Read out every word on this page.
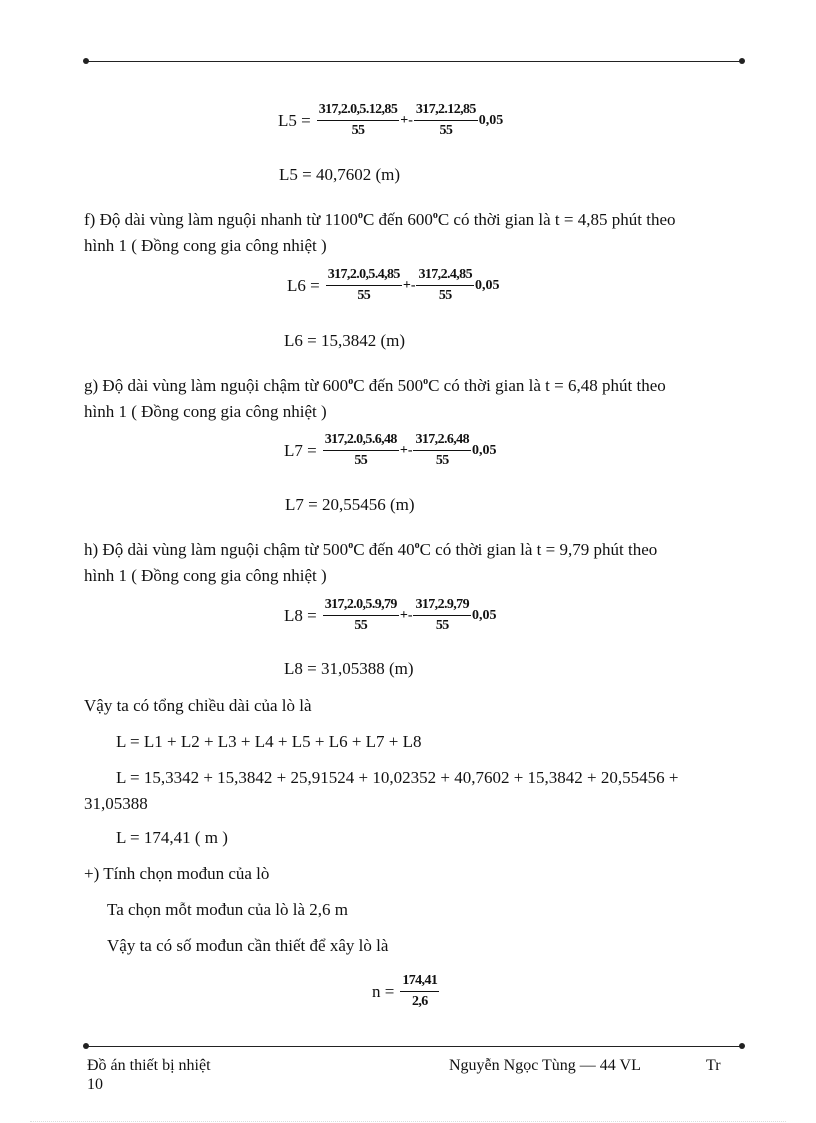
$L5 = \frac{317,2.0,5.12,85}{55} +- \frac{317,2.12,85}{55} 0,05$
L5 = 40,7602 (m)
f) Độ dài vùng làm nguội nhanh từ 1100$^o$C đến 600$^o$C có thời gian là t = 4,85 phút theo
hình 1 ( Đồng cong gia công nhiệt )
$L6 = \frac{317,2.0,5.4,85}{55} +- \frac{317,2.4,85}{55} 0,05$
L6 = 15,3842 (m)
g) Độ dài vùng làm nguội chậm từ 600$^o$C đến 500$^o$C có thời gian là t = 6,48 phút theo
hình 1 ( Đồng cong gia công nhiệt )
$L7 = \frac{317,2.0,5.6,48}{55} +- \frac{317,2.6,48}{55} 0,05$
L7 = 20,55456 (m)
h) Độ dài vùng làm nguội chậm từ 500$^o$C đến 40$^o$C có thời gian là t = 9,79 phút theo
hình 1 ( Đồng cong gia công nhiệt )
$L8 = \frac{317,2.0,5.9,79}{55} +- \frac{317,2.9,79}{55} 0,05$
L8 = 31,05388 (m)
Vậy ta có tổng chiều dài của lò là
L = L1 + L2 + L3 + L4 + L5 + L6 + L7 + L8
L = 15,3342 + 15,3842 + 25,91524 + 10,02352 + 40,7602 + 15,3842 + 20,55456 +
31,05388
L = 174,41 ( m )
+) Tính chọn mođun của lò
Ta chọn mỗt mođun của lò là 2,6 m
Vậy ta có số mođun cần thiết để xây lò là
$n = \frac{174,41}{2,6}$
Đồ án thiết bị nhiệt	Nguyễn Ngọc Tùng — 44 VL	Tr
10
